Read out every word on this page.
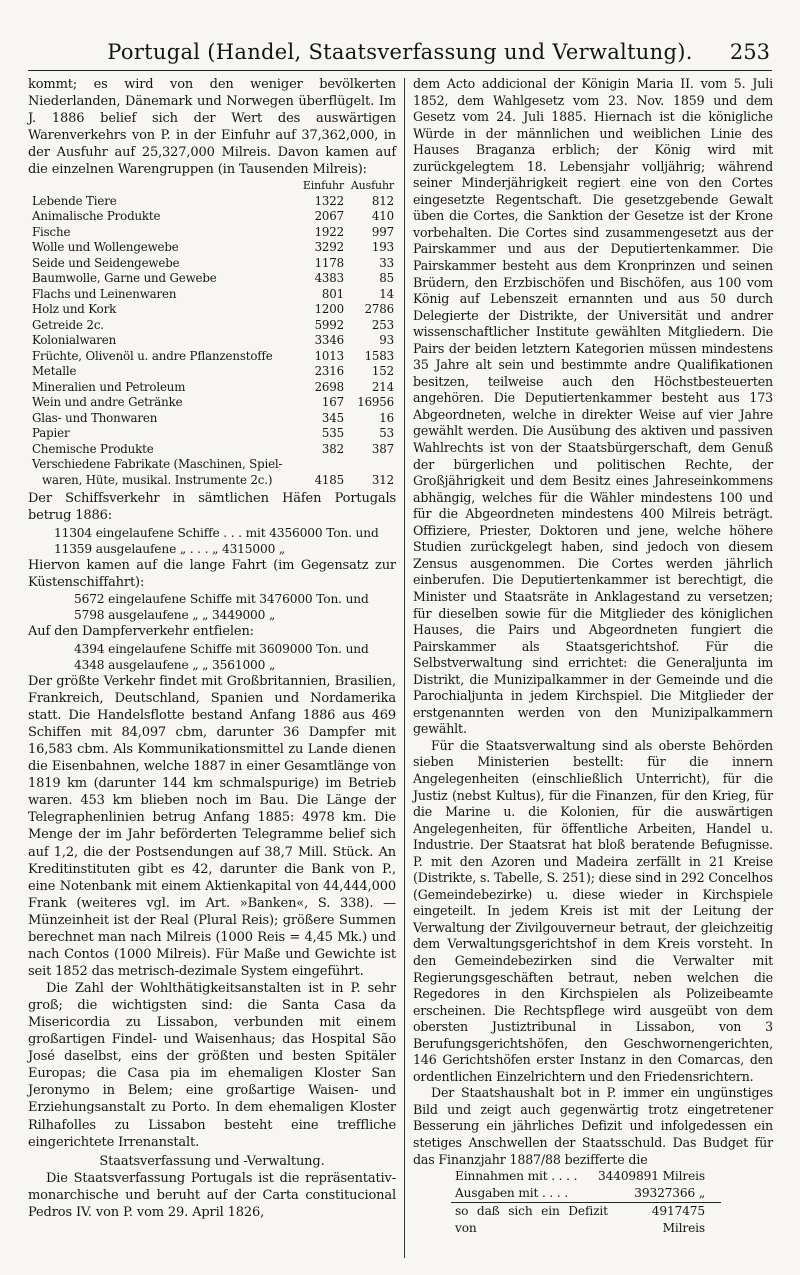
Portugal (Handel, Staatsverfassung und Verwaltung).	253

kommt; es wird von den weniger bevölkerten Niederlanden, Dänemark und Norwegen überflügelt. Im J. 1886 belief sich der Wert des auswärtigen Warenverkehrs von P. in der Einfuhr auf 37,362,000, in der Ausfuhr auf 25,327,000 Milreis. Davon kamen auf die einzelnen Warengruppen (in Tausenden Milreis):

	Einfuhr	Ausfuhr
Lebende Tiere	1322	812
Animalische Produkte	2067	410
Fische	1922	997
Wolle und Wollengewebe	3292	193
Seide und Seidengewebe	1178	33
Baumwolle, Garne und Gewebe	4383	85
Flachs und Leinenwaren	801	14
Holz und Kork	1200	2786
Getreide 2c.	5992	253
Kolonialwaren	3346	93
Früchte, Olivenöl u. andre Pflanzenstoffe	1013	1583
Metalle	2316	152
Mineralien und Petroleum	2698	214
Wein und andre Getränke	167	16956
Glas- und Thonwaren	345	16
Papier	535	53
Chemische Produkte	382	387
Verschiedene Fabrikate (Maschinen, Spiel-		
waren, Hüte, musikal. Instrumente 2c.)	4185	312

Der Schiffsverkehr in sämtlichen Häfen Portugals betrug 1886:

11304 eingelaufene Schiffe . . . mit 4356000 Ton. und
11359 ausgelaufene „ . . . „ 4315000 „

Hiervon kamen auf die lange Fahrt (im Gegensatz zur Küstenschiffahrt):

5672 eingelaufene Schiffe mit 3476000 Ton. und
5798 ausgelaufene „ „ 3449000 „

Auf den Dampferverkehr entfielen:

4394 eingelaufene Schiffe mit 3609000 Ton. und
4348 ausgelaufene „ „ 3561000 „

Der größte Verkehr findet mit Großbritannien, Brasilien, Frankreich, Deutschland, Spanien und Nordamerika statt. Die Handelsflotte bestand Anfang 1886 aus 469 Schiffen mit 84,097 cbm, darunter 36 Dampfer mit 16,583 cbm. Als Kommunikationsmittel zu Lande dienen die Eisenbahnen, welche 1887 in einer Gesamtlänge von 1819 km (darunter 144 km schmalspurige) im Betrieb waren. 453 km blieben noch im Bau. Die Länge der Telegraphenlinien betrug Anfang 1885: 4978 km. Die Menge der im Jahr beförderten Telegramme belief sich auf 1,2, die der Postsendungen auf 38,7 Mill. Stück. An Kreditinstituten gibt es 42, darunter die Bank von P., eine Notenbank mit einem Aktienkapital von 44,444,000 Frank (weiteres vgl. im Art. »Banken«, S. 338). — Münzeinheit ist der Real (Plural Reis); größere Summen berechnet man nach Milreis (1000 Reis = 4,45 Mk.) und nach Contos (1000 Milreis). Für Maße und Gewichte ist seit 1852 das metrisch-dezimale System eingeführt.

Die Zahl der Wohlthätigkeitsanstalten ist in P. sehr groß; die wichtigsten sind: die Santa Casa da Misericordia zu Lissabon, verbunden mit einem großartigen Findel- und Waisenhaus; das Hospital São José daselbst, eins der größten und besten Spitäler Europas; die Casa pia im ehemaligen Kloster San Jeronymo in Belem; eine großartige Waisen- und Erziehungsanstalt zu Porto. In dem ehemaligen Kloster Rilhafolles zu Lissabon besteht eine treffliche eingerichtete Irrenanstalt.

Staatsverfassung und -Verwaltung.

Die Staatsverfassung Portugals ist die repräsentativ-monarchische und beruht auf der Carta constitucional Pedros IV. von P. vom 29. April 1826,

dem Acto addicional der Königin Maria II. vom 5. Juli 1852, dem Wahlgesetz vom 23. Nov. 1859 und dem Gesetz vom 24. Juli 1885. Hiernach ist die königliche Würde in der männlichen und weiblichen Linie des Hauses Braganza erblich; der König wird mit zurückgelegtem 18. Lebensjahr volljährig; während seiner Minderjährigkeit regiert eine von den Cortes eingesetzte Regentschaft. Die gesetzgebende Gewalt üben die Cortes, die Sanktion der Gesetze ist der Krone vorbehalten. Die Cortes sind zusammengesetzt aus der Pairskammer und aus der Deputiertenkammer. Die Pairskammer besteht aus dem Kronprinzen und seinen Brüdern, den Erzbischöfen und Bischöfen, aus 100 vom König auf Lebenszeit ernannten und aus 50 durch Delegierte der Distrikte, der Universität und andrer wissenschaftlicher Institute gewählten Mitgliedern. Die Pairs der beiden letztern Kategorien müssen mindestens 35 Jahre alt sein und bestimmte andre Qualifikationen besitzen, teilweise auch den Höchstbesteuerten angehören. Die Deputiertenkammer besteht aus 173 Abgeordneten, welche in direkter Weise auf vier Jahre gewählt werden. Die Ausübung des aktiven und passiven Wahlrechts ist von der Staatsbürgerschaft, dem Genuß der bürgerlichen und politischen Rechte, der Großjährigkeit und dem Besitz eines Jahreseinkommens abhängig, welches für die Wähler mindestens 100 und für die Abgeordneten mindestens 400 Milreis beträgt. Offiziere, Priester, Doktoren und jene, welche höhere Studien zurückgelegt haben, sind jedoch von diesem Zensus ausgenommen. Die Cortes werden jährlich einberufen. Die Deputiertenkammer ist berechtigt, die Minister und Staatsräte in Anklagestand zu versetzen; für dieselben sowie für die Mitglieder des königlichen Hauses, die Pairs und Abgeordneten fungiert die Pairskammer als Staatsgerichtshof. Für die Selbstverwaltung sind errichtet: die Generaljunta im Distrikt, die Munizipalkammer in der Gemeinde und die Parochialjunta in jedem Kirchspiel. Die Mitglieder der erstgenannten werden von den Munizipalkammern gewählt.

Für die Staatsverwaltung sind als oberste Behörden sieben Ministerien bestellt: für die innern Angelegenheiten (einschließlich Unterricht), für die Justiz (nebst Kultus), für die Finanzen, für den Krieg, für die Marine u. die Kolonien, für die auswärtigen Angelegenheiten, für öffentliche Arbeiten, Handel u. Industrie. Der Staatsrat hat bloß beratende Befugnisse. P. mit den Azoren und Madeira zerfällt in 21 Kreise (Distrikte, s. Tabelle, S. 251); diese sind in 292 Concelhos (Gemeindebezirke) u. diese wieder in Kirchspiele eingeteilt. In jedem Kreis ist mit der Leitung der Verwaltung der Zivilgouverneur betraut, der gleichzeitig dem Verwaltungsgerichtshof in dem Kreis vorsteht. In den Gemeindebezirken sind die Verwalter mit Regierungsgeschäften betraut, neben welchen die Regedores in den Kirchspielen als Polizeibeamte erscheinen. Die Rechtspflege wird ausgeübt von dem obersten Justiztribunal in Lissabon, von 3 Berufungsgerichtshöfen, den Geschwornengerichten, 146 Gerichtshöfen erster Instanz in den Comarcas, den ordentlichen Einzelrichtern und den Friedensrichtern.

Der Staatshaushalt bot in P. immer ein ungünstiges Bild und zeigt auch gegenwärtig trotz eingetretener Besserung ein jährliches Defizit und infolgedessen ein stetiges Anschwellen der Staatsschuld. Das Budget für das Finanzjahr 1887/88 bezifferte die

Einnahmen mit . . . .	34409891 Milreis
Ausgaben mit . . . .	39327366 „
so daß sich ein Defizit von	4917475 Milreis
